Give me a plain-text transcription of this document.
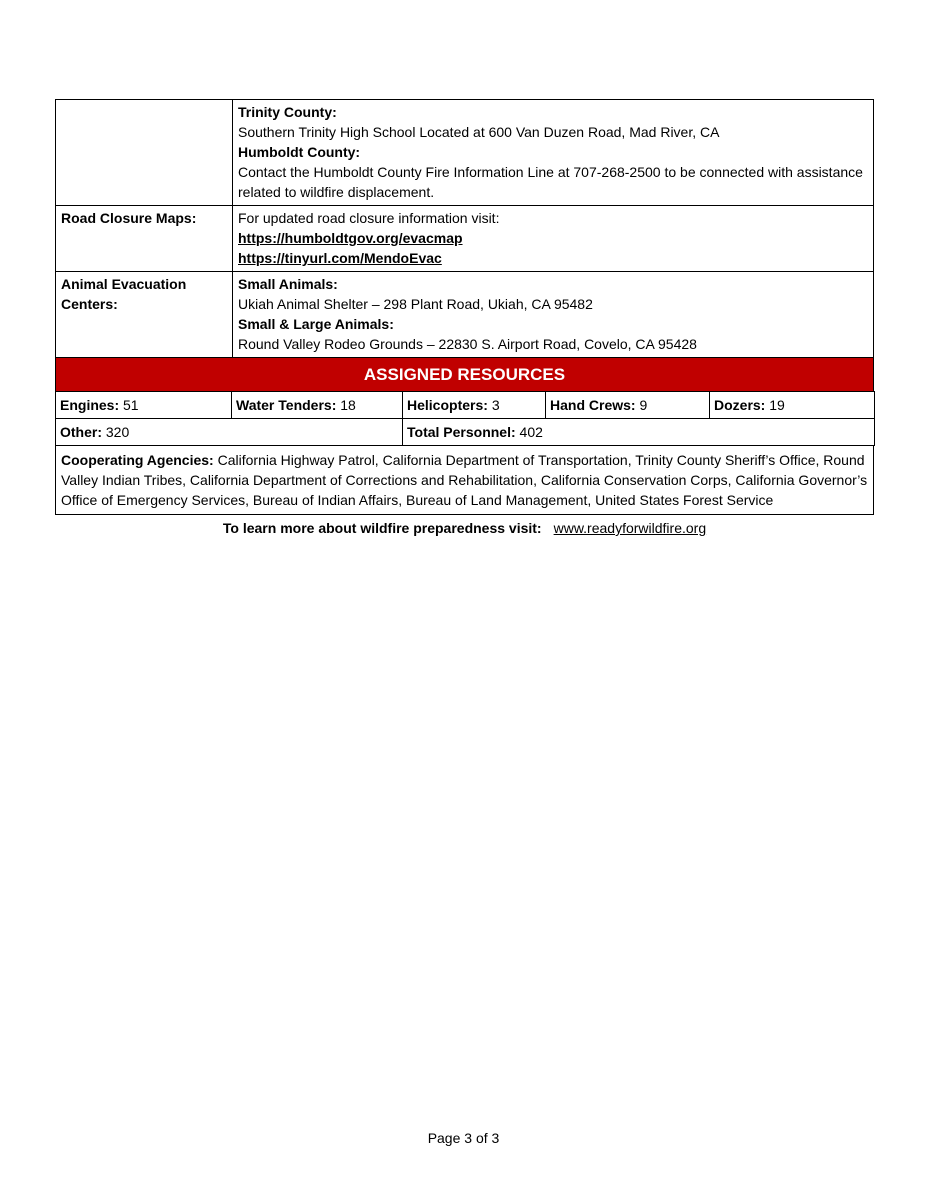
	Trinity County:
Southern Trinity High School Located at 600 Van Duzen Road, Mad River, CA
Humboldt County:
Contact the Humboldt County Fire Information Line at 707-268-2500 to be connected with assistance related to wildfire displacement.

Road Closure Maps:	For updated road closure information visit:
https://humboldtgov.org/evacmap
https://tinyurl.com/MendoEvac

Animal Evacuation Centers:	Small Animals:
Ukiah Animal Shelter – 298 Plant Road, Ukiah, CA 95482
Small & Large Animals:
Round Valley Rodeo Grounds – 22830 S. Airport Road, Covelo, CA 95428
ASSIGNED RESOURCES
Engines: 51	Water Tenders: 18	Helicopters: 3	Hand Crews: 9	Dozers: 19
Other: 320		Total Personnel: 402		
Cooperating Agencies: California Highway Patrol, California Department of Transportation, Trinity County Sheriff’s Office, Round Valley Indian Tribes, California Department of Corrections and Rehabilitation, California Conservation Corps, California Governor’s Office of Emergency Services, Bureau of Indian Affairs, Bureau of Land Management, United States Forest Service
To learn more about wildfire preparedness visit: www.readyforwildfire.org
Page 3 of 3
